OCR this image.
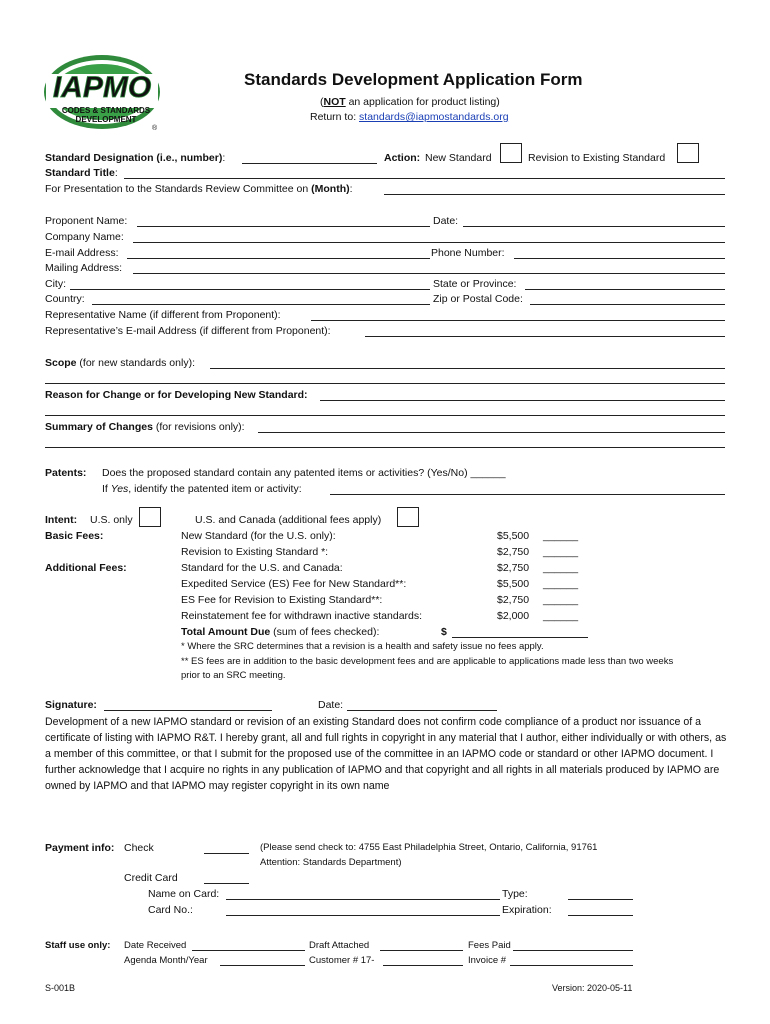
IAPMO
CODES & STANDARDS
DEVELOPMENT
®
Standards Development Application Form
(NOT an application for product listing)
Return to: standards@iapmostandards.org
Standard Designation (i.e., number):	Action: New Standard	Revision to Existing Standard
Standard Title:
For Presentation to the Standards Review Committee on (Month):
Proponent Name:	Date:
Company Name:
E-mail Address:	Phone Number:
Mailing Address:
City:	State or Province:
Country:	Zip or Postal Code:
Representative Name (if different from Proponent):
Representative’s E-mail Address (if different from Proponent):
Scope (for new standards only):
Reason for Change or for Developing New Standard:
Summary of Changes (for revisions only):
Patents: Does the proposed standard contain any patented items or activities? (Yes/No) ______
If Yes, identify the patented item or activity:
Intent: U.S. only	U.S. and Canada (additional fees apply)
Basic Fees:
Additional Fees:
New Standard (for the U.S. only):	$5,500 ______
Revision to Existing Standard *:	$2,750 ______
Standard for the U.S. and Canada:	$2,750 ______
Expedited Service (ES) Fee for New Standard**:	$5,500 ______
ES Fee for Revision to Existing Standard**:	$2,750 ______
Reinstatement fee for withdrawn inactive standards:	$2,000 ______
Total Amount Due (sum of fees checked):	$
* Where the SRC determines that a revision is a health and safety issue no fees apply.
** ES fees are in addition to the basic development fees and are applicable to applications made less than two weeks
prior to an SRC meeting.
Signature:	Date:

Development of a new IAPMO standard or revision of an existing Standard does not confirm code compliance of a product nor issuance of a certificate of listing with IAPMO R&T. I hereby grant, all and full rights in copyright in any material that I author, either individually or with others, as a member of this committee, or that I submit for the proposed use of the committee in an IAPMO code or standard or other IAPMO document. I further acknowledge that I acquire no rights in any publication of IAPMO and that copyright and all rights in all materials produced by IAPMO are owned by IAPMO and that IAPMO may register copyright in its own name

Payment info: Check	(Please send check to: 4755 East Philadelphia Street, Ontario, California, 91761
Attention: Standards Department)
Credit Card
Name on Card:	Type:
Card No.:	Expiration:
Staff use only: Date Received	Draft Attached	Fees Paid
Agenda Month/Year	Customer # 17-	Invoice #
S-001B	Version: 2020-05-11
